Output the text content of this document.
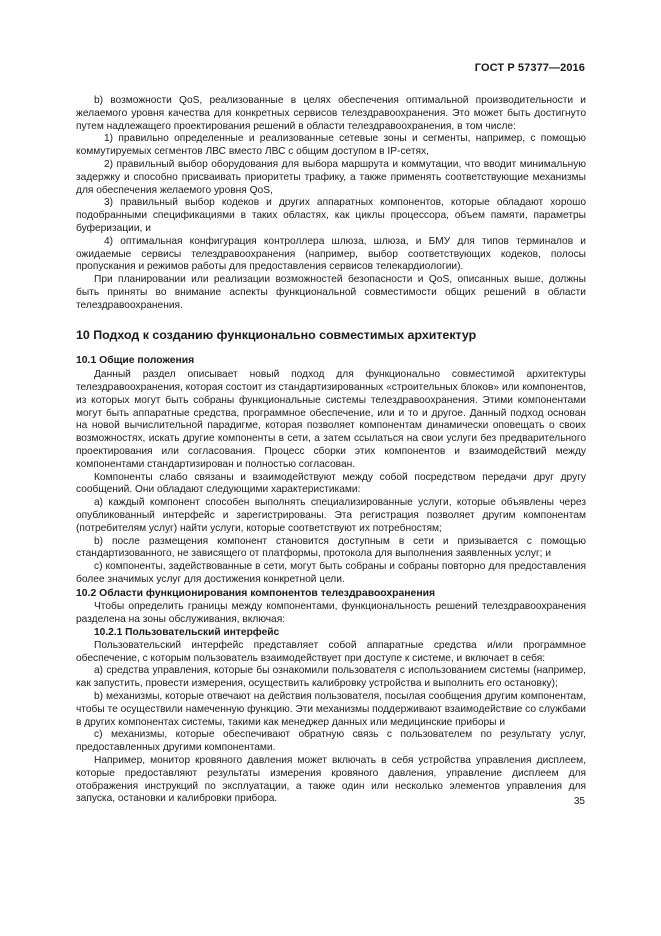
ГОСТ Р 57377—2016

b) возможности QoS, реализованные в целях обеспечения оптимальной производительности и желаемого уровня качества для конкретных сервисов телездравоохранения. Это может быть достигнуто путем надлежащего проектирования решений в области телездравоохранения, в том числе:

1) правильно определенные и реализованные сетевые зоны и сегменты, например, с помощью коммутируемых сегментов ЛВС вместо ЛВС с общим доступом в IP-сетях,

2) правильный выбор оборудования для выбора маршрута и коммутации, что вводит минимальную задержку и способно присваивать приоритеты трафику, а также применять соответствующие механизмы для обеспечения желаемого уровня QoS,

3) правильный выбор кодеков и других аппаратных компонентов, которые обладают хорошо подобранными спецификациями в таких областях, как циклы процессора, объем памяти, параметры буферизации, и

4) оптимальная конфигурация контроллера шлюза, шлюза, и БМУ для типов терминалов и ожидаемые сервисы телездравоохранения (например, выбор соответствующих кодеков, полосы пропускания и режимов работы для предоставления сервисов телекардиологии).

При планировании или реализации возможностей безопасности и QoS, описанных выше, должны быть приняты во внимание аспекты функциональной совместимости общих решений в области телездравоохранения.

10 Подход к созданию функционально совместимых архитектур
10.1 Общие положения

Данный раздел описывает новый подход для функционально совместимой архитектуры телездравоохранения, которая состоит из стандартизированных «строительных блоков» или компонентов, из которых могут быть собраны функциональные системы телездравоохранения. Этими компонентами могут быть аппаратные средства, программное обеспечение, или и то и другое. Данный подход основан на новой вычислительной парадигме, которая позволяет компонентам динамически оповещать о своих возможностях, искать другие компоненты в сети, а затем ссылаться на свои услуги без предварительного проектирования или согласования. Процесс сборки этих компонентов и взаимодействий между компонентами стандартизирован и полностью согласован.

Компоненты слабо связаны и взаимодействуют между собой посредством передачи друг другу сообщений. Они обладают следующими характеристиками:

a) каждый компонент способен выполнять специализированные услуги, которые объявлены через опубликованный интерфейс и зарегистрированы. Эта регистрация позволяет другим компонентам (потребителям услуг) найти услуги, которые соответствуют их потребностям;

b) после размещения компонент становится доступным в сети и призывается с помощью стандартизованного, не зависящего от платформы, протокола для выполнения заявленных услуг; и

c) компоненты, задействованные в сети, могут быть собраны и собраны повторно для предоставления более значимых услуг для достижения конкретной цели.

10.2 Области функционирования компонентов телездравоохранения

Чтобы определить границы между компонентами, функциональность решений телездравоохранения разделена на зоны обслуживания, включая:

10.2.1 Пользовательский интерфейс

Пользовательский интерфейс представляет собой аппаратные средства и/или программное обеспечение, с которым пользователь взаимодействует при доступе к системе, и включает в себя:

a) средства управления, которые бы ознакомили пользователя с использованием системы (например, как запустить, провести измерения, осуществить калибровку устройства и выполнить его остановку);

b) механизмы, которые отвечают на действия пользователя, посылая сообщения другим компонентам, чтобы те осуществили намеченную функцию. Эти механизмы поддерживают взаимодействие со службами в других компонентах системы, такими как менеджер данных или медицинские приборы и

c) механизмы, которые обеспечивают обратную связь с пользователем по результату услуг, предоставленных другими компонентами.

Например, монитор кровяного давления может включать в себя устройства управления дисплеем, которые предоставляют результаты измерения кровяного давления, управление дисплеем для отображения инструкций по эксплуатации, а также один или несколько элементов управления для запуска, остановки и калибровки прибора.	35
